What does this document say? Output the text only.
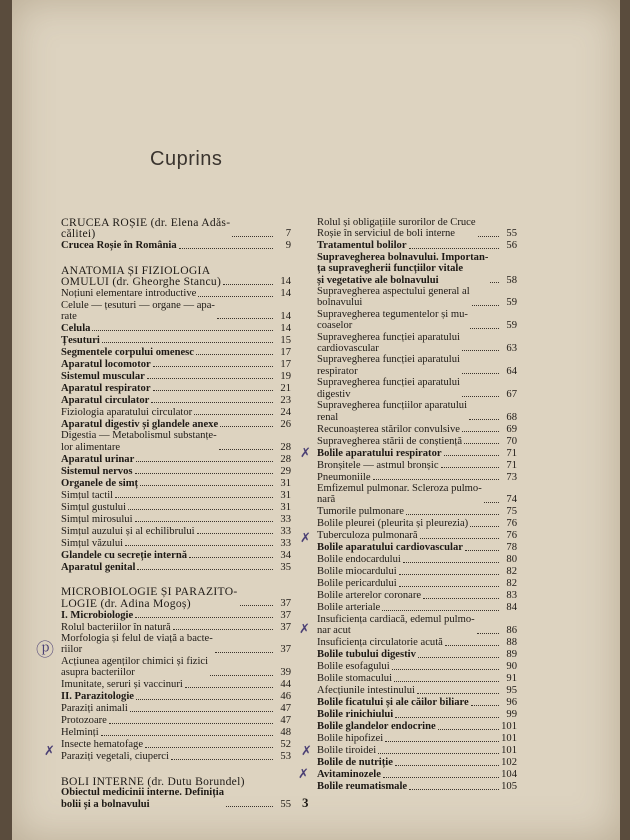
Cuprins
CRUCEA ROȘIE (dr. Elena Adăs-
călitei)	7
Crucea Roșie în România	9
ANATOMIA ȘI FIZIOLOGIA
OMULUI (dr. Gheorghe Stancu)	14
Noțiuni elementare introductive	14
Celule — țesuturi — organe — apa-
rate	14
Celula	14
Țesuturi	15
Segmentele corpului omenesc	17
Aparatul locomotor	17
Sistemul muscular	19
Aparatul respirator	21
Aparatul circulator	23
Fiziologia aparatului circulator	24
Aparatul digestiv și glandele anexe	26
Digestia — Metabolismul substanțe-
lor alimentare	28
Aparatul urinar	28
Sistemul nervos	29
Organele de simț	31
Simțul tactil	31
Simțul gustului	31
Simțul mirosului	33
Simțul auzului și al echilibrului	33
Simțul văzului	33
Glandele cu secreție internă	34
Aparatul genital	35
MICROBIOLOGIE ȘI PARAZITO-
LOGIE (dr. Adina Mogoș)	37
I. Microbiologie	37
Rolul bacteriilor în natură	37
Morfologia și felul de viață a bacte-
riilor	37
Acțiunea agenților chimici și fizici
asupra bacteriilor	39
Imunitate, seruri și vaccinuri	44
II. Parazitologie	46
Paraziți animali	47
Protozoare	47
Helminți	48
Insecte hematofage	52
Paraziți vegetali, ciuperci	53
BOLI INTERNE (dr. Dutu Borundel)
Obiectul medicinii interne. Definiția
bolii și a bolnavului	55
Rolul și obligațiile surorilor de Cruce
Roșie în serviciul de boli interne	55
Tratamentul bolilor	56
Supravegherea bolnavului. Importan-
ța supravegherii funcțiilor vitale
și vegetative ale bolnavului	58
Supravegherea aspectului general al
bolnavului	59
Supravegherea tegumentelor și mu-
coaselor	59
Supravegherea funcției aparatului
cardiovascular	63
Supravegherea funcției aparatului
respirator	64
Supravegherea funcției aparatului
digestiv	67
Supravegherea funcțiilor aparatului
renal	68
Recunoașterea stărilor convulsive	69
Supravegherea stării de conștiență	70
Bolile aparatului respirator	71
Bronșitele — astmul bronșic	71
Pneumoniile	73
Emfizemul pulmonar. Scleroza pulmo-
nară	74
Tumorile pulmonare	75
Bolile pleurei (pleurita și pleurezia)	76
Tuberculoza pulmonară	76
Bolile aparatului cardiovascular	78
Bolile endocardului	80
Bolile miocardului	82
Bolile pericardului	82
Bolile arterelor coronare	83
Bolile arteriale	84
Insuficiența cardiacă, edemul pulmo-
nar acut	86
Insuficiența circulatorie acută	88
Bolile tubului digestiv	89
Bolile esofagului	90
Bolile stomacului	91
Afecțiunile intestinului	95
Bolile ficatului și ale căilor biliare	96
Bolile rinichiului	99
Bolile glandelor endocrine	101
Bolile hipofizei	101
Bolile tiroidei	101
Bolile de nutriție	102
Avitaminozele	104
Bolile reumatismale	105
✗
✗
✗
✗
✗
✗
ⓟ
3
